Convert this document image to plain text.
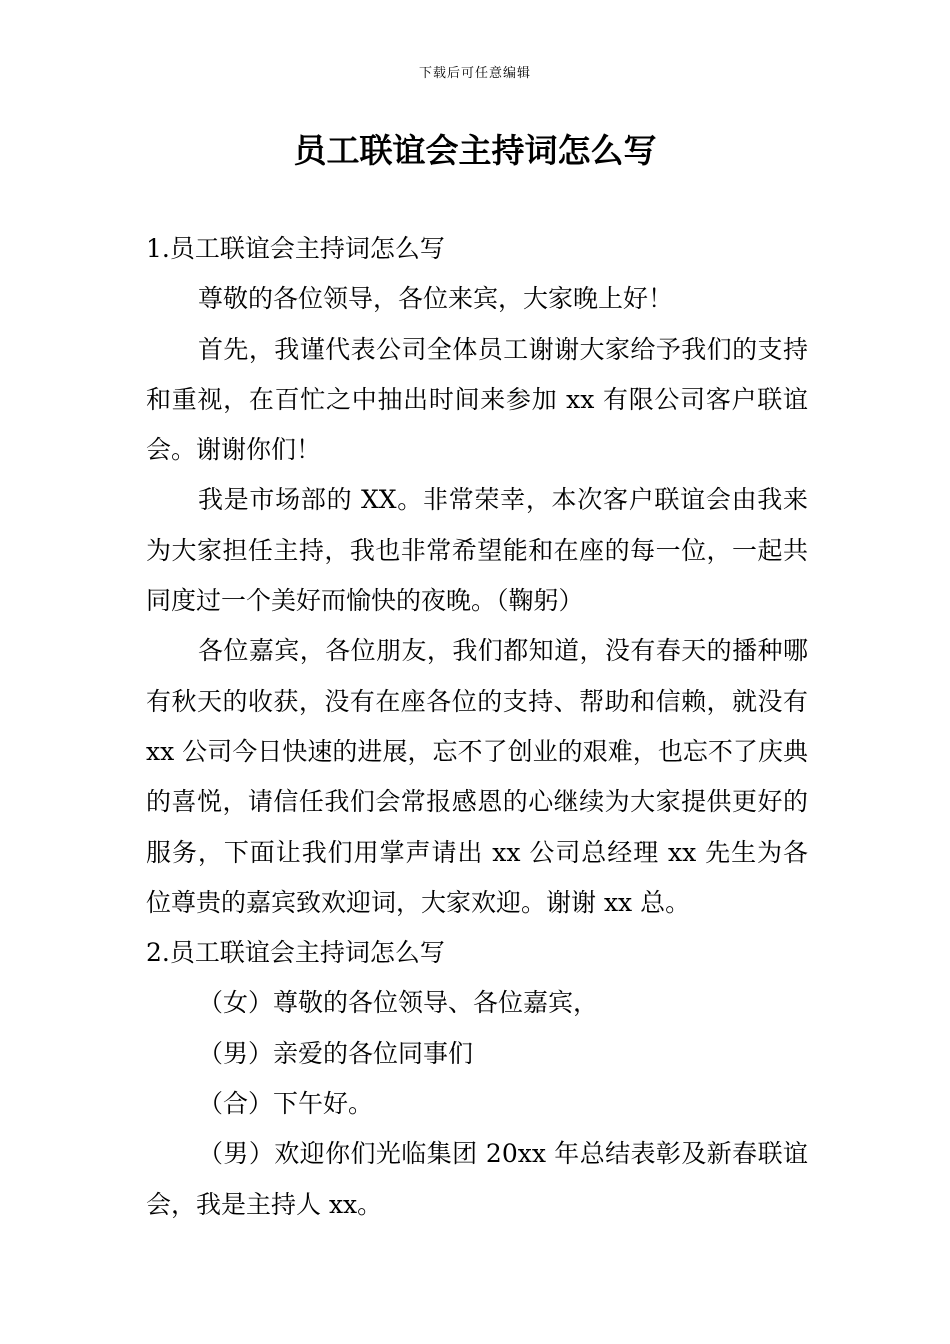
下载后可任意编辑
员工联谊会主持词怎么写

1.员工联谊会主持词怎么写

尊敬的各位领导，各位来宾，大家晚上好！

首先，我谨代表公司全体员工谢谢大家给予我们的支持和重视，在百忙之中抽出时间来参加 xx 有限公司客户联谊会。谢谢你们！

我是市场部的 XX。非常荣幸，本次客户联谊会由我来为大家担任主持，我也非常希望能和在座的每一位，一起共同度过一个美好而愉快的夜晚。（鞠躬）

各位嘉宾，各位朋友，我们都知道，没有春天的播种哪有秋天的收获，没有在座各位的支持、帮助和信赖，就没有 xx 公司今日快速的进展，忘不了创业的艰难，也忘不了庆典的喜悦，请信任我们会常报感恩的心继续为大家提供更好的服务，下面让我们用掌声请出 xx 公司总经理 xx 先生为各位尊贵的嘉宾致欢迎词，大家欢迎。谢谢 xx 总。

2.员工联谊会主持词怎么写

（女）尊敬的各位领导、各位嘉宾，

（男）亲爱的各位同事们

（合）下午好。

（男）欢迎你们光临集团 20xx 年总结表彰及新春联谊会，我是主持人 xx。
